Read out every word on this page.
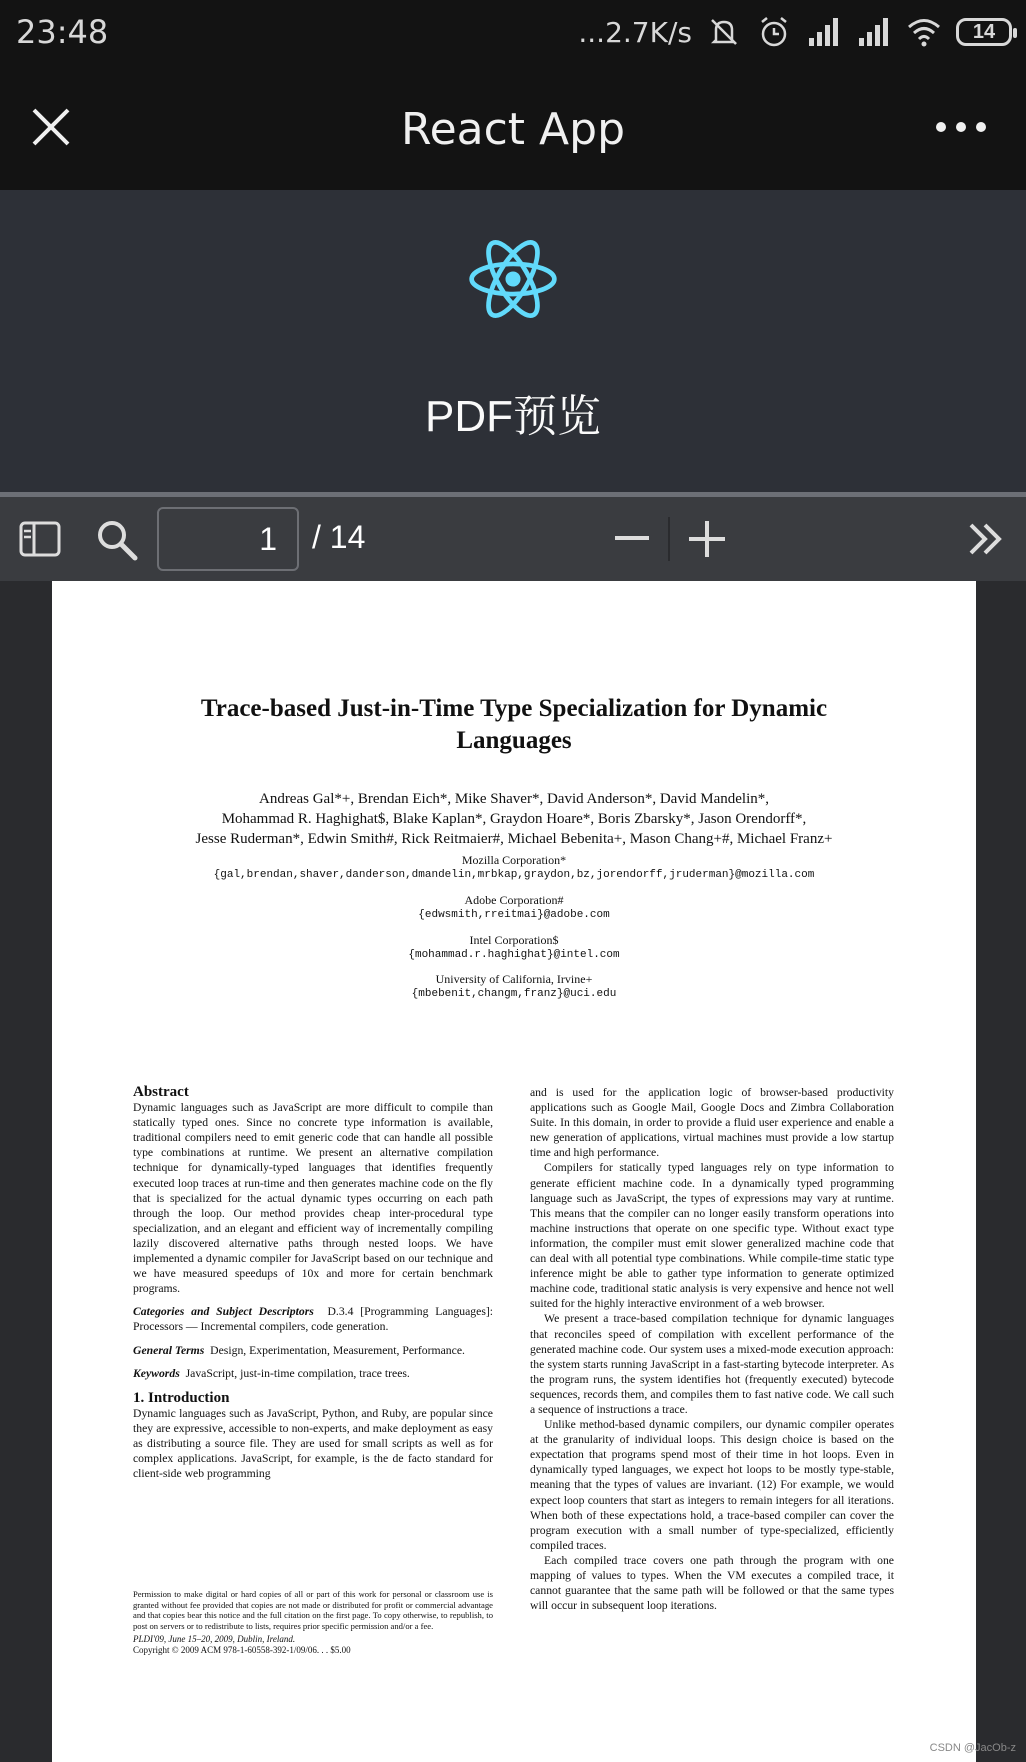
23:48	...2.7K/s	14
React App
PDF预览
1
/ 14
Trace-based Just-in-Time Type Specialization for Dynamic Languages
Andreas Gal*+, Brendan Eich*, Mike Shaver*, David Anderson*, David Mandelin*,
Mohammad R. Haghighat$, Blake Kaplan*, Graydon Hoare*, Boris Zbarsky*, Jason Orendorff*,
Jesse Ruderman*, Edwin Smith#, Rick Reitmaier#, Michael Bebenita+, Mason Chang+#, Michael Franz+
Mozilla Corporation*
{gal,brendan,shaver,danderson,dmandelin,mrbkap,graydon,bz,jorendorff,jruderman}@mozilla.com
Adobe Corporation#
{edwsmith,rreitmai}@adobe.com
Intel Corporation$
{mohammad.r.haghighat}@intel.com
University of California, Irvine+
{mbebenit,changm,franz}@uci.edu

Abstract

Dynamic languages such as JavaScript are more difficult to compile than statically typed ones. Since no concrete type information is available, traditional compilers need to emit generic code that can handle all possible type combinations at runtime. We present an alternative compilation technique for dynamically-typed languages that identifies frequently executed loop traces at run-time and then generates machine code on the fly that is specialized for the actual dynamic types occurring on each path through the loop. Our method provides cheap inter-procedural type specialization, and an elegant and efficient way of incrementally compiling lazily discovered alternative paths through nested loops. We have implemented a dynamic compiler for JavaScript based on our technique and we have measured speedups of 10x and more for certain benchmark programs.

Categories and Subject Descriptors D.3.4 [Programming Languages]: Processors — Incremental compilers, code generation.

General Terms Design, Experimentation, Measurement, Performance.

Keywords JavaScript, just-in-time compilation, trace trees.

1. Introduction

Dynamic languages such as JavaScript, Python, and Ruby, are popular since they are expressive, accessible to non-experts, and make deployment as easy as distributing a source file. They are used for small scripts as well as for complex applications. JavaScript, for example, is the de facto standard for client-side web programming

Permission to make digital or hard copies of all or part of this work for personal or classroom use is granted without fee provided that copies are not made or distributed for profit or commercial advantage and that copies bear this notice and the full citation on the first page. To copy otherwise, to republish, to post on servers or to redistribute to lists, requires prior specific permission and/or a fee.

PLDI'09, June 15–20, 2009, Dublin, Ireland.

Copyright © 2009 ACM 978-1-60558-392-1/09/06. . . $5.00

and is used for the application logic of browser-based productivity applications such as Google Mail, Google Docs and Zimbra Collaboration Suite. In this domain, in order to provide a fluid user experience and enable a new generation of applications, virtual machines must provide a low startup time and high performance.

Compilers for statically typed languages rely on type information to generate efficient machine code. In a dynamically typed programming language such as JavaScript, the types of expressions may vary at runtime. This means that the compiler can no longer easily transform operations into machine instructions that operate on one specific type. Without exact type information, the compiler must emit slower generalized machine code that can deal with all potential type combinations. While compile-time static type inference might be able to gather type information to generate optimized machine code, traditional static analysis is very expensive and hence not well suited for the highly interactive environment of a web browser.

We present a trace-based compilation technique for dynamic languages that reconciles speed of compilation with excellent performance of the generated machine code. Our system uses a mixed-mode execution approach: the system starts running JavaScript in a fast-starting bytecode interpreter. As the program runs, the system identifies hot (frequently executed) bytecode sequences, records them, and compiles them to fast native code. We call such a sequence of instructions a trace.

Unlike method-based dynamic compilers, our dynamic compiler operates at the granularity of individual loops. This design choice is based on the expectation that programs spend most of their time in hot loops. Even in dynamically typed languages, we expect hot loops to be mostly type-stable, meaning that the types of values are invariant. (12) For example, we would expect loop counters that start as integers to remain integers for all iterations. When both of these expectations hold, a trace-based compiler can cover the program execution with a small number of type-specialized, efficiently compiled traces.

Each compiled trace covers one path through the program with one mapping of values to types. When the VM executes a compiled trace, it cannot guarantee that the same path will be followed or that the same types will occur in subsequent loop iterations.

CSDN @JacOb-z
